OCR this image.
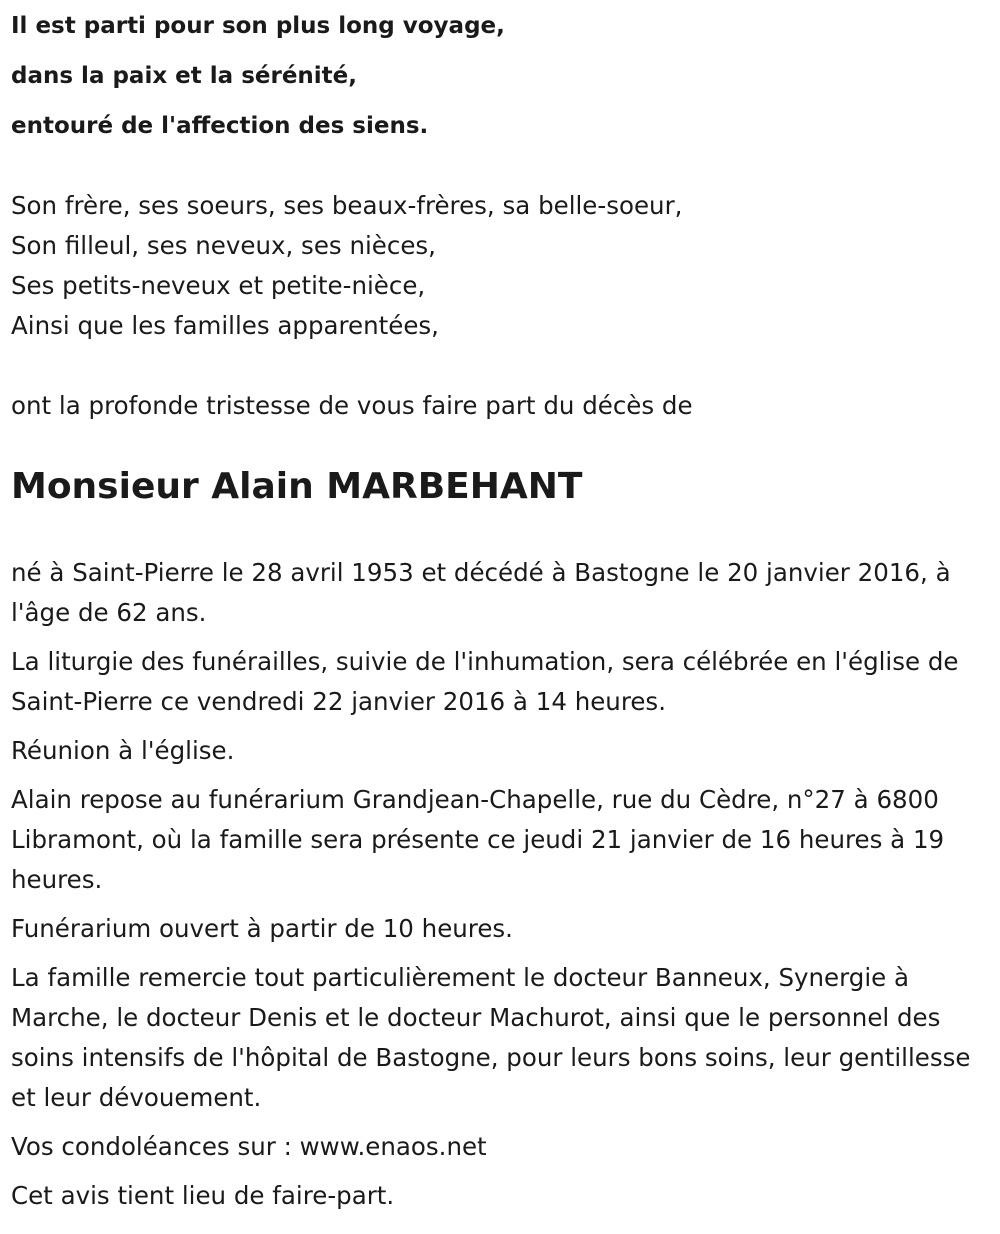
Il est parti pour son plus long voyage,
dans la paix et la sérénité,
entouré de l'affection des siens.
Son frère, ses soeurs, ses beaux-frères, sa belle-soeur,
Son filleul, ses neveux, ses nièces,
Ses petits-neveux et petite-nièce,
Ainsi que les familles apparentées,
ont la profonde tristesse de vous faire part du décès de
Monsieur Alain MARBEHANT

né à Saint-Pierre le 28 avril 1953 et décédé à Bastogne le 20 janvier 2016, à l'âge de 62 ans.

La liturgie des funérailles, suivie de l'inhumation, sera célébrée en l'église de Saint-Pierre ce vendredi 22 janvier 2016 à 14 heures.

Réunion à l'église.

Alain repose au funérarium Grandjean-Chapelle, rue du Cèdre, n°27 à 6800 Libramont, où la famille sera présente ce jeudi 21 janvier de 16 heures à 19 heures.

Funérarium ouvert à partir de 10 heures.

La famille remercie tout particulièrement le docteur Banneux, Synergie à Marche, le docteur Denis et le docteur Machurot, ainsi que le personnel des soins intensifs de l'hôpital de Bastogne, pour leurs bons soins, leur gentillesse et leur dévouement.

Vos condoléances sur : www.enaos.net

Cet avis tient lieu de faire-part.
